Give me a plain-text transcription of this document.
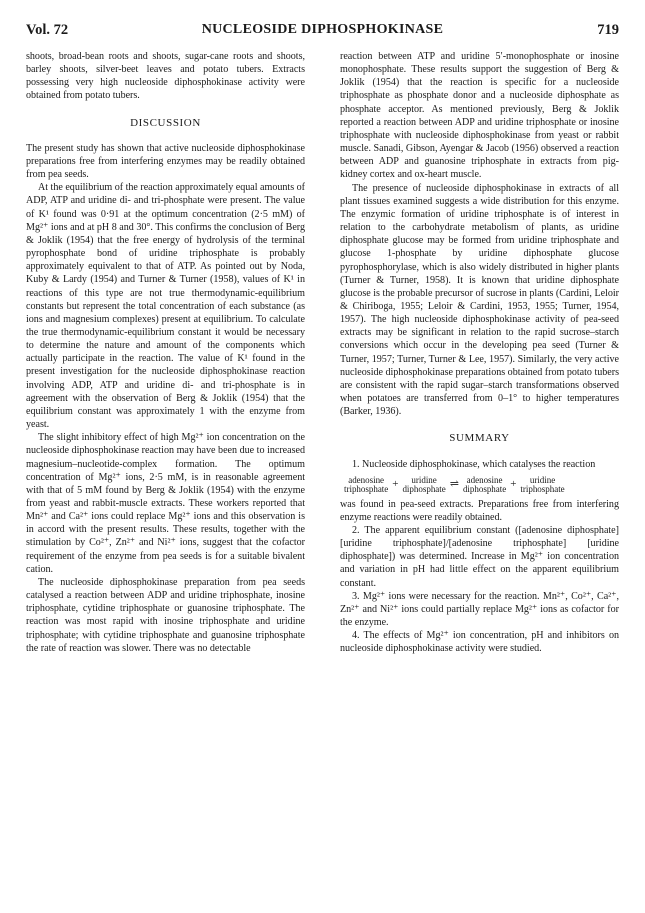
Vol. 72	NUCLEOSIDE DIPHOSPHOKINASE	719

shoots, broad-bean roots and shoots, sugar-cane roots and shoots, barley shoots, silver-beet leaves and potato tubers. Extracts possessing very high nucleoside diphosphokinase activity were obtained from potato tubers.

DISCUSSION

The present study has shown that active nucleoside diphosphokinase preparations free from interfering enzymes may be readily obtained from pea seeds.

At the equilibrium of the reaction approximately equal amounts of ADP, ATP and uridine di- and tri-phosphate were present. The value of K¹ found was 0·91 at the optimum concentration (2·5 mM) of Mg²⁺ ions and at pH 8 and 30°. This confirms the conclusion of Berg & Joklik (1954) that the free energy of hydrolysis of the terminal pyrophosphate bond of uridine triphosphate is probably approximately equivalent to that of ATP. As pointed out by Noda, Kuby & Lardy (1954) and Turner & Turner (1958), values of K¹ in reactions of this type are not true thermodynamic-equilibrium constants but represent the total concentration of each substance (as ions and magnesium complexes) present at equilibrium. To calculate the true thermodynamic-equilibrium constant it would be necessary to determine the nature and amount of the components which actually participate in the reaction. The value of K¹ found in the present investigation for the nucleoside diphosphokinase reaction involving ADP, ATP and uridine di- and tri-phosphate is in agreement with the observation of Berg & Joklik (1954) that the equilibrium constant was approximately 1 with the enzyme from yeast.

The slight inhibitory effect of high Mg²⁺ ion concentration on the nucleoside diphosphokinase reaction may have been due to increased magnesium–nucleotide-complex formation. The optimum concentration of Mg²⁺ ions, 2·5 mM, is in reasonable agreement with that of 5 mM found by Berg & Joklik (1954) with the enzyme from yeast and rabbit-muscle extracts. These workers reported that Mn²⁺ and Ca²⁺ ions could replace Mg²⁺ ions and this observation is in accord with the present results. These results, together with the stimulation by Co²⁺, Zn²⁺ and Ni²⁺ ions, suggest that the cofactor requirement of the enzyme from pea seeds is for a suitable bivalent cation.

The nucleoside diphosphokinase preparation from pea seeds catalysed a reaction between ADP and uridine triphosphate, inosine triphosphate, cytidine triphosphate or guanosine triphosphate. The reaction was most rapid with inosine triphosphate and uridine triphosphate; with cytidine triphosphate and guanosine triphosphate the rate of reaction was slower. There was no detectable

reaction between ATP and uridine 5′-monophosphate or inosine monophosphate. These results support the suggestion of Berg & Joklik (1954) that the reaction is specific for a nucleoside triphosphate as phosphate donor and a nucleoside diphosphate as phosphate acceptor. As mentioned previously, Berg & Joklik reported a reaction between ADP and uridine triphosphate or inosine triphosphate with nucleoside diphosphokinase from yeast or rabbit muscle. Sanadi, Gibson, Ayengar & Jacob (1956) observed a reaction between ADP and guanosine triphosphate in extracts from pig-kidney cortex and ox-heart muscle.

The presence of nucleoside diphosphokinase in extracts of all plant tissues examined suggests a wide distribution for this enzyme. The enzymic formation of uridine triphosphate is of interest in relation to the carbohydrate metabolism of plants, as uridine diphosphate glucose may be formed from uridine triphosphate and glucose 1-phosphate by uridine diphosphate glucose pyrophosphorylase, which is also widely distributed in higher plants (Turner & Turner, 1958). It is known that uridine diphosphate glucose is the probable precursor of sucrose in plants (Cardini, Leloir & Chiriboga, 1955; Leloir & Cardini, 1953, 1955; Turner, 1954, 1957). The high nucleoside diphosphokinase activity of pea-seed extracts may be significant in relation to the rapid sucrose–starch conversions which occur in the developing pea seed (Turner & Turner, 1957; Turner, Turner & Lee, 1957). Similarly, the very active nucleoside diphosphokinase preparations obtained from potato tubers are consistent with the rapid sugar–starch transformations observed when potatoes are transferred from 0–1° to higher temperatures (Barker, 1936).

SUMMARY

1. Nucleoside diphosphokinase, which catalyses the reaction

adenosine
triphosphate +	uridine
diphosphate ⇌ adenosine
diphosphate +	uridine
triphosphate

was found in pea-seed extracts. Preparations free from interfering enzyme reactions were readily obtained.

2. The apparent equilibrium constant ([adenosine diphosphate] [uridine triphosphate]/[adenosine triphosphate] [uridine diphosphate]) was determined. Increase in Mg²⁺ ion concentration and variation in pH had little effect on the apparent equilibrium constant.

3. Mg²⁺ ions were necessary for the reaction. Mn²⁺, Co²⁺, Ca²⁺, Zn²⁺ and Ni²⁺ ions could partially replace Mg²⁺ ions as cofactor for the enzyme.

4. The effects of Mg²⁺ ion concentration, pH and inhibitors on nucleoside diphosphokinase activity were studied.
